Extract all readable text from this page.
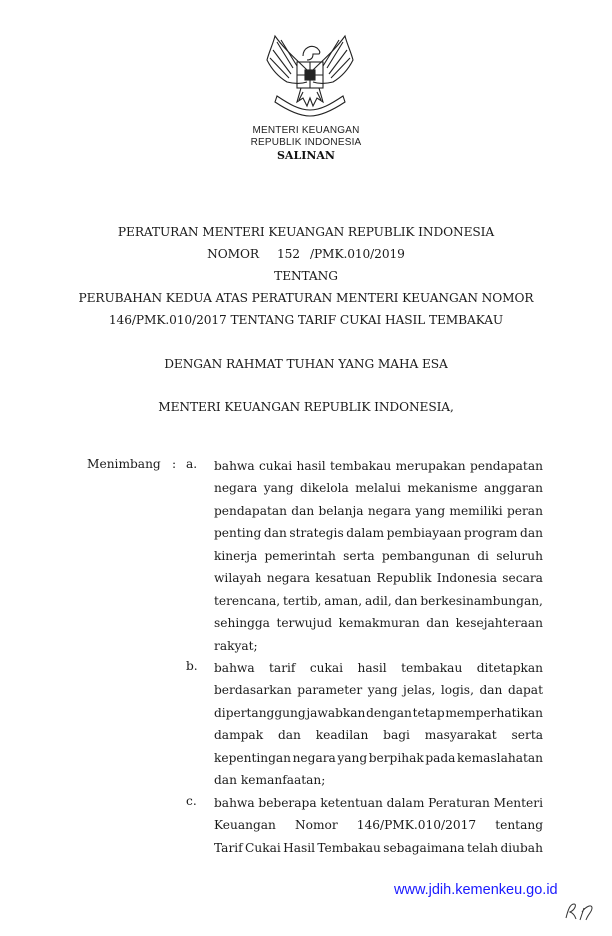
MENTERI KEUANGAN
REPUBLIK INDONESIA
SALINAN
PERATURAN MENTERI KEUANGAN REPUBLIK INDONESIA
NOMOR 152 /PMK.010/2019
TENTANG
PERUBAHAN KEDUA ATAS PERATURAN MENTERI KEUANGAN NOMOR
146/PMK.010/2017 TENTANG TARIF CUKAI HASIL TEMBAKAU
DENGAN RAHMAT TUHAN YANG MAHA ESA
MENTERI KEUANGAN REPUBLIK INDONESIA,
Menimbang : a. bahwa cukai hasil tembakau merupakan pendapatan
negara yang dikelola melalui mekanisme anggaran
pendapatan dan belanja negara yang memiliki peran
penting dan strategis dalam pembiayaan program dan
kinerja pemerintah serta pembangunan di seluruh
wilayah negara kesatuan Republik Indonesia secara
terencana, tertib, aman, adil, dan berkesinambungan,
sehingga terwujud kemakmuran dan kesejahteraan
rakyat;
b. bahwa tarif cukai hasil tembakau ditetapkan
berdasarkan parameter yang jelas, logis, dan dapat
dipertanggung jawabkan dengan tetap memperhatikan
dampak dan keadilan bagi masyarakat serta
kepentingan negara yang berpihak pada kemaslahatan
dan kemanfaatan;
c. bahwa beberapa ketentuan dalam Peraturan Menteri
Keuangan Nomor 146/PMK.010/2017 tentang
Tarif Cukai Hasil Tembakau sebagaimana telah diubah
www.jdih.kemenkeu.go.id
